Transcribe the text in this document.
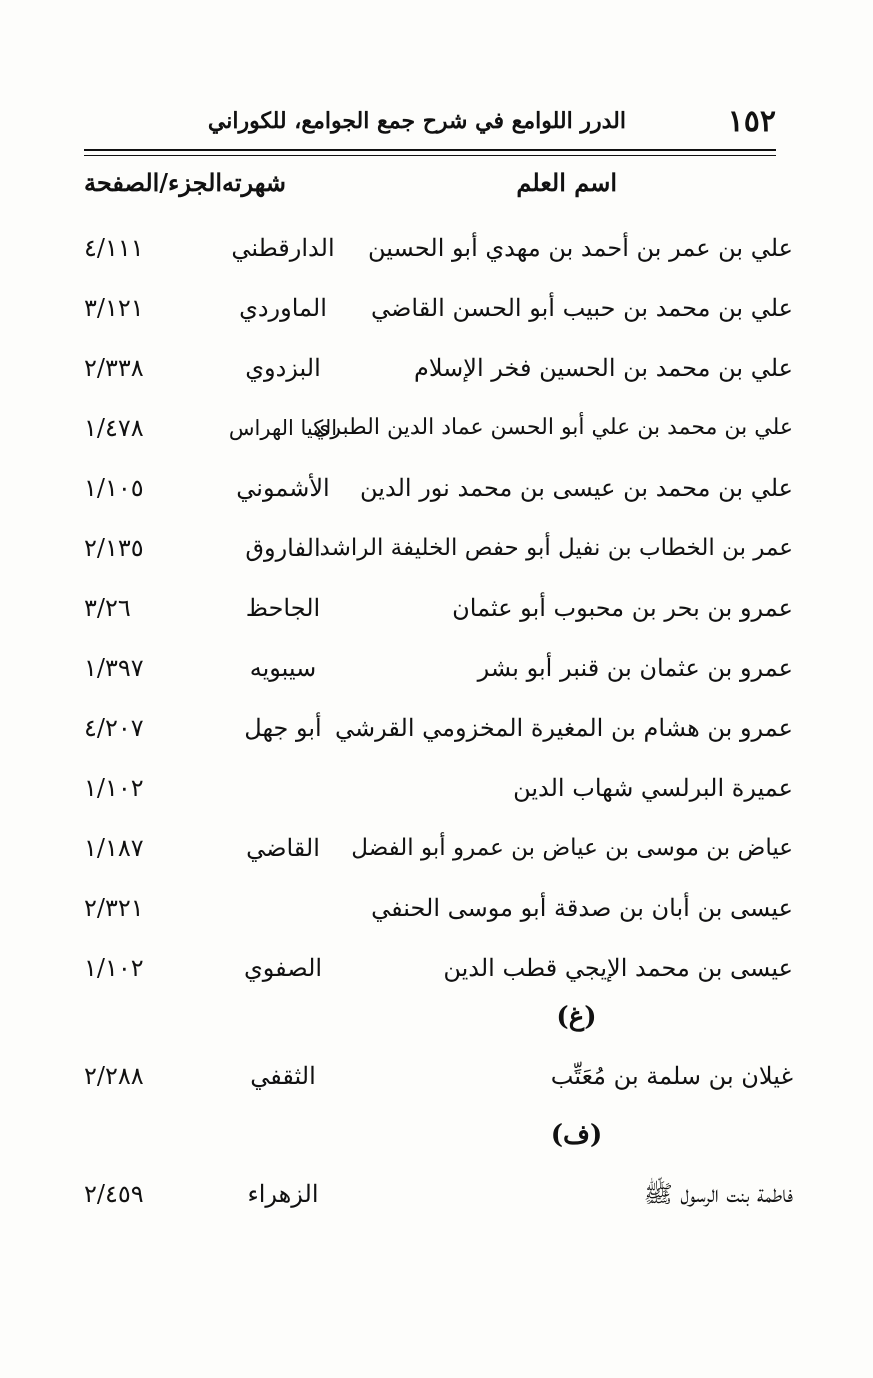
١٥٢
الدرر اللوامع في شرح جمع الجوامع، للكوراني
اسم العلم
شهرته
الجزء/الصفحة
علي بن عمر بن أحمد بن مهدي أبو الحسين
الدارقطني
٤/١١١
علي بن محمد بن حبيب أبو الحسن القاضي
الماوردي
٣/١٢١
علي بن محمد بن الحسين فخر الإسلام
البزدوي
٢/٣٣٨
علي بن محمد بن علي أبو الحسن عماد الدين الطبري
الكيا الهراس
١/٤٧٨
علي بن محمد بن عيسى بن محمد نور الدين
الأشموني
١/١٠٥
عمر بن الخطاب بن نفيل أبو حفص الخليفة الراشد
الفاروق
٢/١٣٥
عمرو بن بحر بن محبوب أبو عثمان
الجاحظ
٣/٢٦
عمرو بن عثمان بن قنبر أبو بشر
سيبويه
١/٣٩٧
عمرو بن هشام بن المغيرة المخزومي القرشي
أبو جهل
٤/٢٠٧
عميرة البرلسي شهاب الدين
١/١٠٢
عياض بن موسى بن عياض بن عمرو أبو الفضل
القاضي
١/١٨٧
عيسى بن أبان بن صدقة أبو موسى الحنفي
٢/٣٢١
عيسى بن محمد الإيجي قطب الدين
الصفوي
١/١٠٢
(غ)
غيلان بن سلمة بن مُعَتِّب
الثقفي
٢/٢٨٨
(ف)
فاطمة بنت الرسول ﷺ
الزهراء
٢/٤٥٩
